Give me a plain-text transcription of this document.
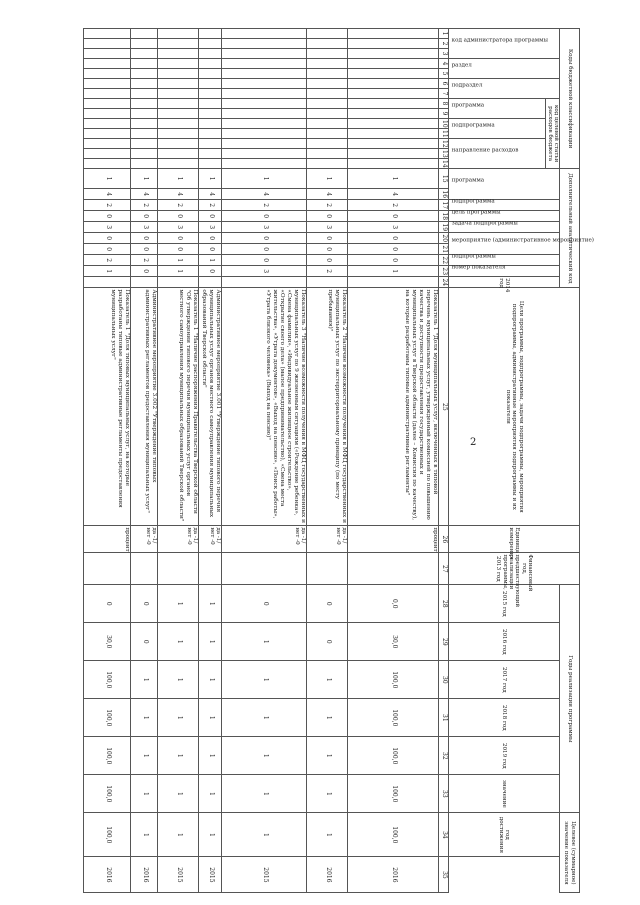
2
Коды бюджетной классификации														Дополнительный аналитический код										Цели программы, подпрограммы, задачи подпрограммы, мероприятия подпрограммы, административные мероприятия подпрограммы и их показатели	Единица измерения	Финансовый год, предшествующий реализации программы, 2013 год	Годы реализации программы						Целевое (суммарное) значение показателя	

код администратора программы			раздел		подраздел		код целевой статьи расходов бюджета							программа		подпрограмма	цель программы	задача подпрограммы	мероприятие (административное мероприятие)		подпрограммы	номер показателя	2014 год				2015 год	2016 год	2017 год	2018 год	2019 год	значение	год достижения	

							программа		подпрограмма		направление расходов																							

1	2	3	4	5	6	7	8	9	10	11	12	13	14	15	16	17	18	19	20	21	22	23	24	25	26	27	28	29	30	31	32	33	34	35
														1	4	2	0	3	0	0	0	1		Показатель 1 "Доля муниципальных услуг, включенных в типовой перечень муниципальных услуг, утвержденный комиссией по повышению качества и доступности предоставления государственных и муниципальных услуг в Тверской области (далее – Комиссия по качеству), на которые разработаны типовые административные регламенты"	процент		0,0	30,0	100,0	100,0	100,0	100,0	100,0	2016
														1	4	2	0	3	0	0	0	2		Показатель 2 "Наличие возможности получения в МФЦ государственных и муниципальных услуг по экстерриториальному принципу (по месту пребывания)"	да -1/ нет -0		0	0	1	1	1	1	1	2016
														1	4	2	0	3	0	0	0	3		Показатель 3 "Наличие возможности получения в МФЦ государственных и муниципальных услуг по 9 жизненным ситуациям («Рождение ребенка», «Смена фамилии», «Индивидуальное жилищное строительство», «Открытие своего дела» (малое предпринимательство), «Смена места жительства», «Утрата документов», «Выход на пенсию», «Поиск работы», «Утрата близкого человека» (Выход на пенсию)"	да -1/ нет -0		0	1	1	1	1	1	1	2015
														1	4	2	0	3	0	0	1	0		Административное мероприятие 3.001 "Утверждение типового перечня муниципальных услуг органов местного самоуправления муниципальных образований Тверской области"	да -1/ нет -0		1	1	1	1	1	1	1	2015
														1	4	2	0	3	0	0	1	1		Показатель 1 "Наличие распоряжения Правительства Тверской области "Об утверждении типового перечня муниципальных услуг органов местного самоуправления муниципальных образований Тверской области"	да -1/ нет -0		1	1	1	1	1	1	1	2015
														1	4	2	0	3	0	0	2	0		Административное мероприятие 3.002 "Утверждение типовых административных регламентов предоставления муниципальных услуг"	да -1/ нет -0		0	0	1	1	1	1	1	2016
														1	4	2	0	3	0	0	2	1		Показатель 1 "Доля типовых муниципальных услуг, на которые разработаны типовые административные регламенты предоставления муниципальных услуг"	процент		0	30,0	100,0	100,0	100,0	100,0	100,0	2016
